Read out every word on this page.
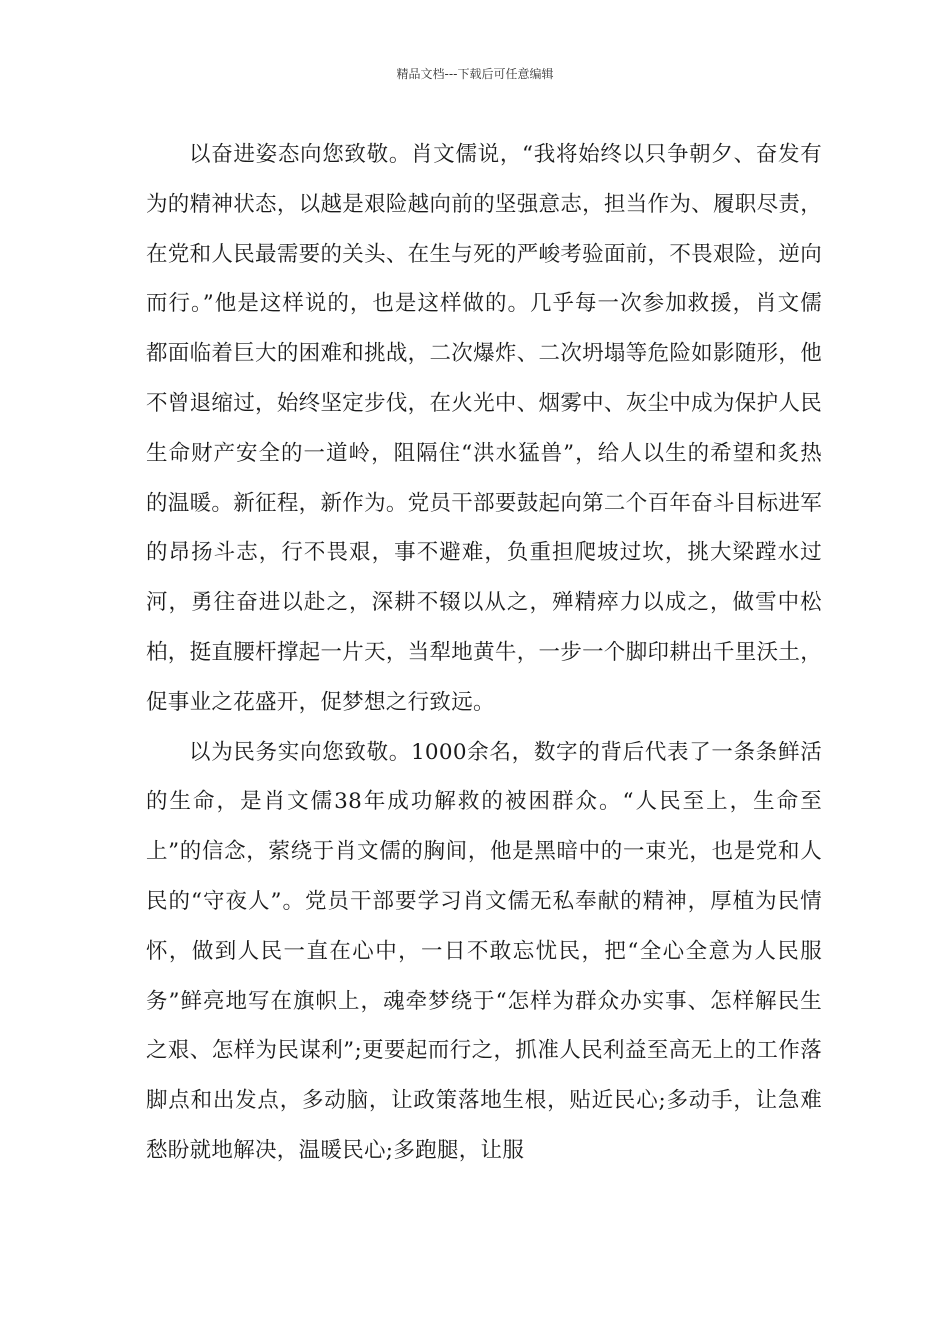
精品文档---下载后可任意编辑

以奋进姿态向您致敬。肖文儒说，“我将始终以只争朝夕、奋发有为的精神状态，以越是艰险越向前的坚强意志，担当作为、履职尽责，在党和人民最需要的关头、在生与死的严峻考验面前，不畏艰险，逆向而行。”他是这样说的，也是这样做的。几乎每一次参加救援，肖文儒都面临着巨大的困难和挑战，二次爆炸、二次坍塌等危险如影随形，他不曾退缩过，始终坚定步伐，在火光中、烟雾中、灰尘中成为保护人民生命财产安全的一道岭，阻隔住“洪水猛兽”，给人以生的希望和炙热的温暖。新征程，新作为。党员干部要鼓起向第二个百年奋斗目标进军的昂扬斗志，行不畏艰，事不避难，负重担爬坡过坎，挑大梁蹚水过河，勇往奋进以赴之，深耕不辍以从之，殚精瘁力以成之，做雪中松柏，挺直腰杆撑起一片天，当犁地黄牛，一步一个脚印耕出千里沃土，促事业之花盛开，促梦想之行致远。

以为民务实向您致敬。1000余名，数字的背后代表了一条条鲜活的生命，是肖文儒38年成功解救的被困群众。“人民至上，生命至上”的信念，萦绕于肖文儒的胸间，他是黑暗中的一束光，也是党和人民的“守夜人”。党员干部要学习肖文儒无私奉献的精神，厚植为民情怀，做到人民一直在心中，一日不敢忘忧民，把“全心全意为人民服务”鲜亮地写在旗帜上，魂牵梦绕于“怎样为群众办实事、怎样解民生之艰、怎样为民谋利”;更要起而行之，抓准人民利益至高无上的工作落脚点和出发点，多动脑，让政策落地生根，贴近民心;多动手，让急难愁盼就地解决，温暖民心;多跑腿，让服
